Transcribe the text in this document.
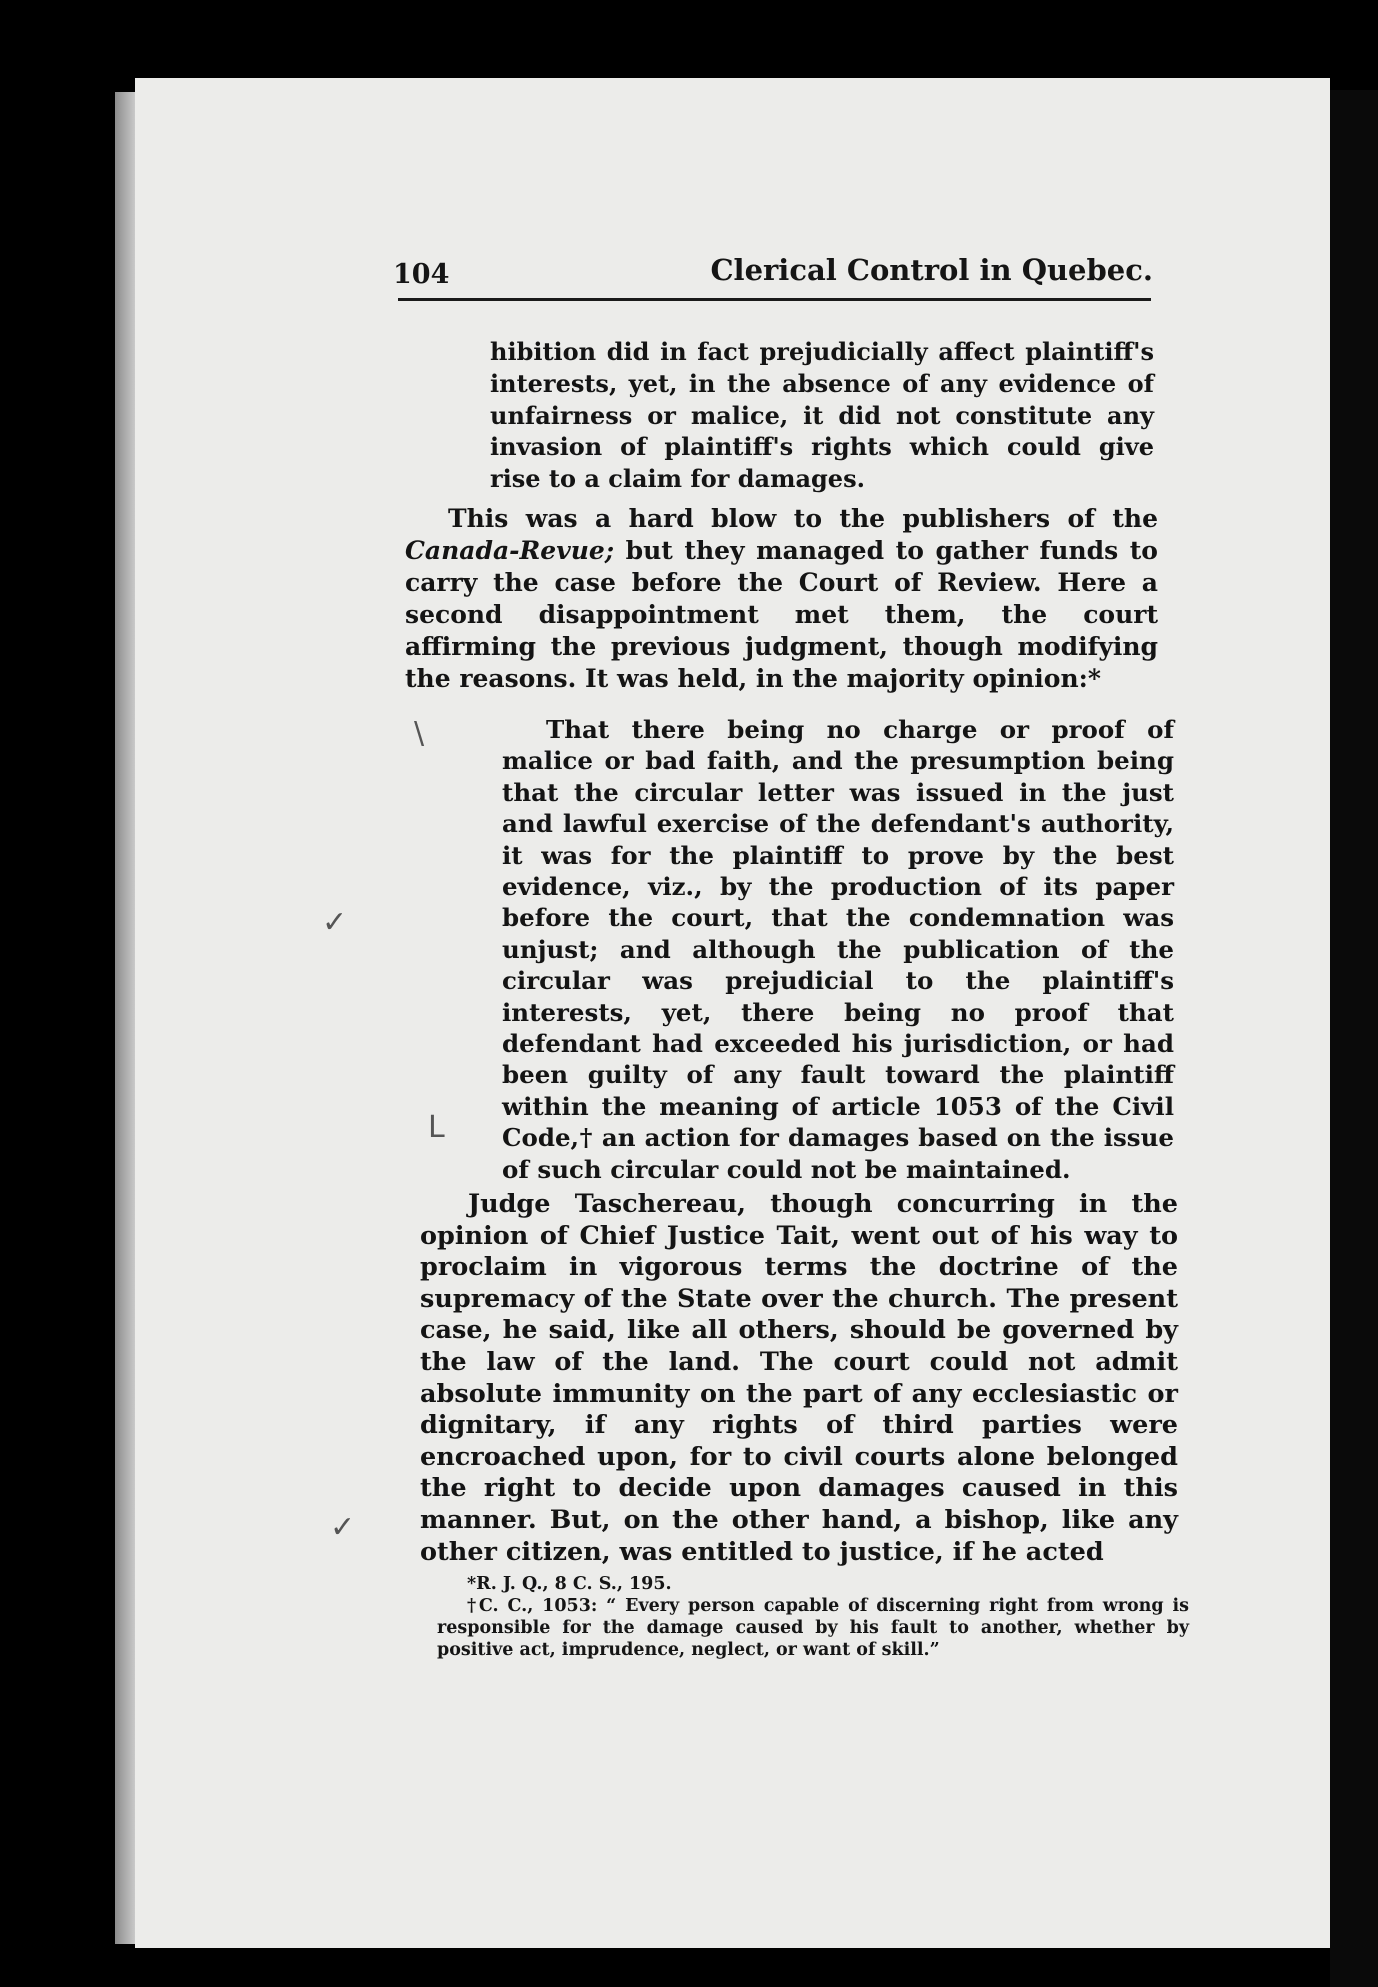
104	Clerical Control in Quebec.

hibition did in fact prejudicially affect plaintiff's interests, yet, in the absence of any evidence of unfairness or malice, it did not constitute any invasion of plaintiff's rights which could give rise to a claim for damages.

This was a hard blow to the publishers of the Canada-Revue; but they managed to gather funds to carry the case before the Court of Review. Here a second disappointment met them, the court affirming the previous judgment, though modifying the reasons. It was held, in the majority opinion:*

That there being no charge or proof of malice or bad faith, and the presumption being that the circular letter was issued in the just and lawful exercise of the defendant's authority, it was for the plaintiff to prove by the best evidence, viz., by the production of its paper before the court, that the condemnation was unjust; and although the publication of the circular was prejudicial to the plaintiff's interests, yet, there being no proof that defendant had exceeded his jurisdiction, or had been guilty of any fault toward the plaintiff within the meaning of article 1053 of the Civil Code,† an action for damages based on the issue of such circular could not be maintained.

Judge Taschereau, though concurring in the opinion of Chief Justice Tait, went out of his way to proclaim in vigorous terms the doctrine of the supremacy of the State over the church. The present case, he said, like all others, should be governed by the law of the land. The court could not admit absolute immunity on the part of any ecclesiastic or dignitary, if any rights of third parties were encroached upon, for to civil courts alone belonged the right to decide upon damages caused in this manner. But, on the other hand, a bishop, like any other citizen, was entitled to justice, if he acted

*R. J. Q., 8 C. S., 195.

†C. C., 1053: “ Every person capable of discerning right from wrong is responsible for the damage caused by his fault to another, whether by positive act, imprudence, neglect, or want of skill.”

\
✓
L
✓
